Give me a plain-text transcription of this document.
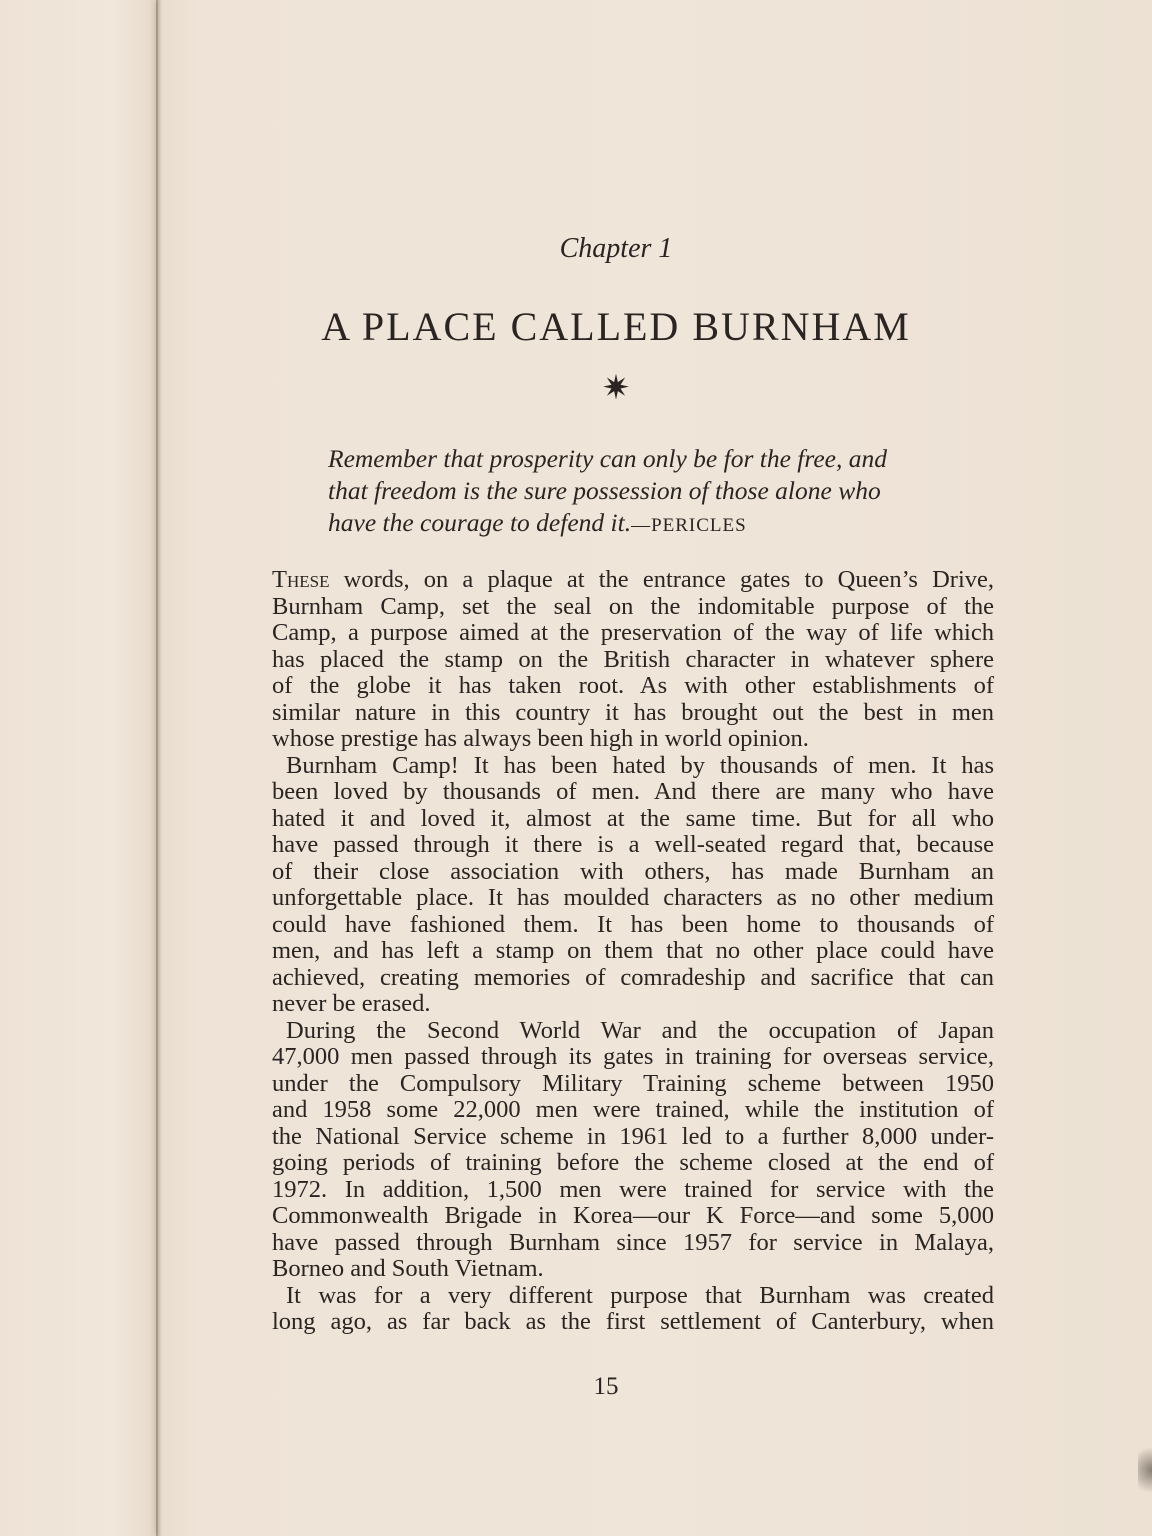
Chapter 1
A PLACE CALLED BURNHAM
✷
Remember that prosperity can only be for the free, and
that freedom is the sure possession of those alone who
have the courage to defend it.—PERICLES
These words, on a plaque at the entrance gates to Queen’s Drive,
Burnham Camp, set the seal on the indomitable purpose of the
Camp, a purpose aimed at the preservation of the way of life which
has placed the stamp on the British character in whatever sphere
of the globe it has taken root. As with other establishments of
similar nature in this country it has brought out the best in men
whose prestige has always been high in world opinion.
Burnham Camp! It has been hated by thousands of men. It has
been loved by thousands of men. And there are many who have
hated it and loved it, almost at the same time. But for all who
have passed through it there is a well-seated regard that, because
of their close association with others, has made Burnham an
unforgettable place. It has moulded characters as no other medium
could have fashioned them. It has been home to thousands of
men, and has left a stamp on them that no other place could have
achieved, creating memories of comradeship and sacrifice that can
never be erased.
During the Second World War and the occupation of Japan
47,000 men passed through its gates in training for overseas service,
under the Compulsory Military Training scheme between 1950
and 1958 some 22,000 men were trained, while the institution of
the National Service scheme in 1961 led to a further 8,000 under-
going periods of training before the scheme closed at the end of
1972. In addition, 1,500 men were trained for service with the
Commonwealth Brigade in Korea—our K Force—and some 5,000
have passed through Burnham since 1957 for service in Malaya,
Borneo and South Vietnam.
It was for a very different purpose that Burnham was created
long ago, as far back as the first settlement of Canterbury, when
15
